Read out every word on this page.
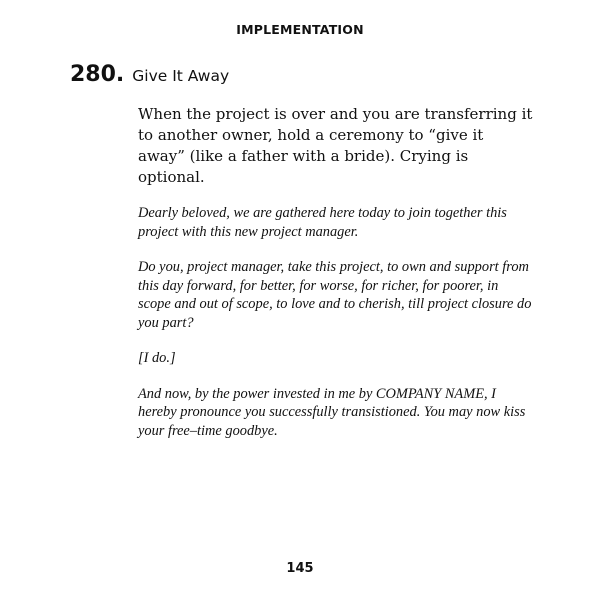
IMPLEMENTATION
280. Give It Away

When the project is over and you are transferring it to another owner, hold a ceremony to “give it away” (like a father with a bride). Crying is optional.

Dearly beloved, we are gathered here today to join together this project with this new project manager.

Do you, project manager, take this project, to own and support from this day forward, for better, for worse, for richer, for poorer, in scope and out of scope, to love and to cherish, till project closure do you part?

[I do.]

And now, by the power invested in me by COMPANY NAME, I hereby pronounce you successfully transistioned. You may now kiss your free–time goodbye.

145
